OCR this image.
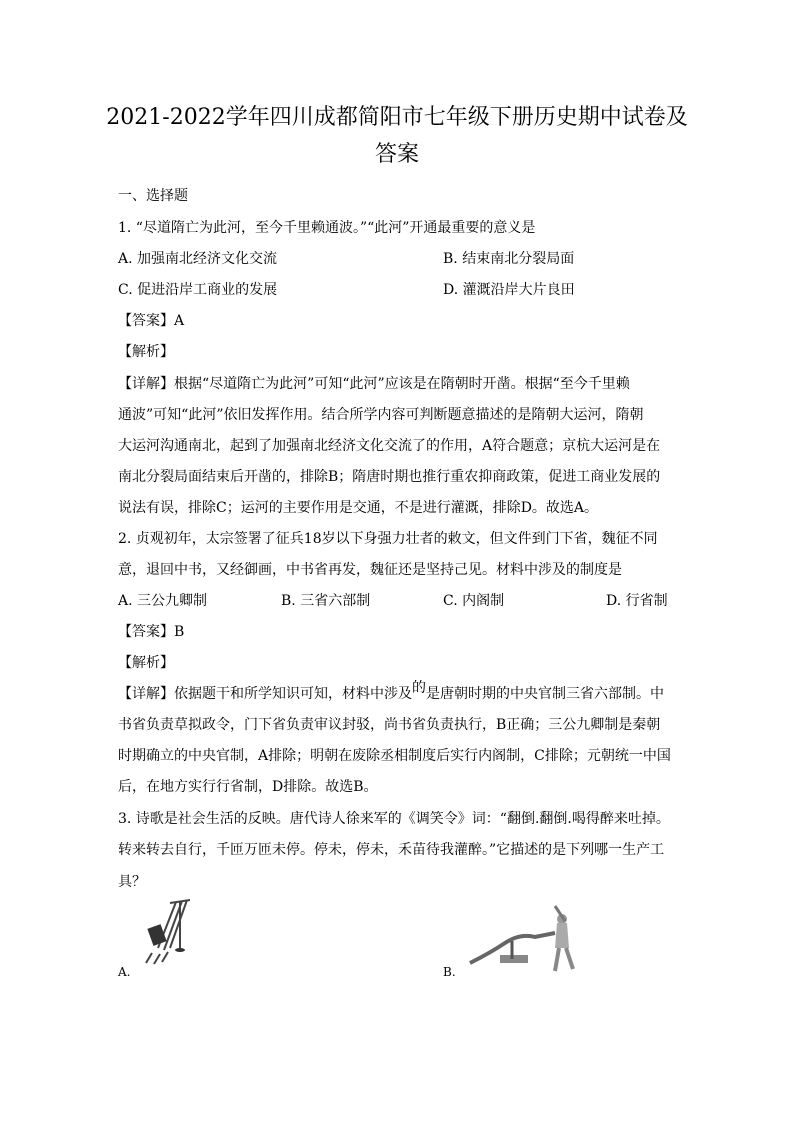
2021-2022学年四川成都简阳市七年级下册历史期中试卷及
答案
一、选择题
1. “尽道隋亡为此河，至今千里赖通波。”“此河”开通最重要的意义是
A. 加强南北经济文化交流	B. 结束南北分裂局面
C. 促进沿岸工商业的发展	D. 灌溉沿岸大片良田
【答案】A
【解析】
【详解】根据“尽道隋亡为此河”可知“此河”应该是在隋朝时开凿。根据“至今千里赖
通波”可知“此河”依旧发挥作用。结合所学内容可判断题意描述的是隋朝大运河，隋朝
大运河沟通南北，起到了加强南北经济文化交流了的作用，A符合题意；京杭大运河是在
南北分裂局面结束后开凿的，排除B；隋唐时期也推行重农抑商政策，促进工商业发展的
说法有误，排除C；运河的主要作用是交通，不是进行灌溉，排除D。故选A。
2. 贞观初年，太宗签署了征兵18岁以下身强力壮者的敕文，但文件到门下省，魏征不同
意，退回中书，又经御画，中书省再发，魏征还是坚持己见。材料中涉及的制度是
A. 三公九卿制	B. 三省六部制	C. 内阁制	D. 行省制
【答案】B
【解析】
【详解】依据题干和所学知识可知，材料中涉及的是唐朝时期的中央官制三省六部制。中
书省负责草拟政令，门下省负责审议封驳，尚书省负责执行，B正确；三公九卿制是秦朝
时期确立的中央官制，A排除；明朝在废除丞相制度后实行内阁制，C排除；元朝统一中国
后，在地方实行行省制，D排除。故选B。
3. 诗歌是社会生活的反映。唐代诗人徐来军的《调笑令》词：“翻倒.翻倒.喝得醉来吐掉。
转来转去自行，千匝万匝未停。停未，停未，禾苗待我灌醉。”它描述的是下列哪一生产工
具？
A.	B.
